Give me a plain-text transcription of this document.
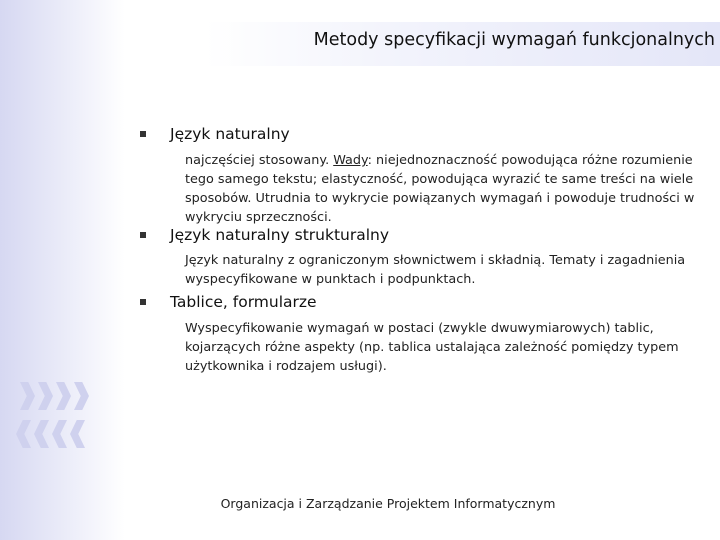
Metody specyfikacji wymagań funkcjonalnych
Język naturalny
najczęściej stosowany. Wady: niejednoznaczność powodująca różne rozumienie tego samego tekstu; elastyczność, powodująca wyrazić te same treści na wiele sposobów. Utrudnia to wykrycie powiązanych wymagań i powoduje trudności w wykryciu sprzeczności.
Język naturalny strukturalny
Język naturalny z ograniczonym słownictwem i składnią. Tematy i zagadnienia wyspecyfikowane w punktach i podpunktach.
Tablice, formularze
Wyspecyfikowanie wymagań w postaci (zwykle dwuwymiarowych) tablic, kojarzących różne aspekty (np. tablica ustalająca zależność pomiędzy typem użytkownika i rodzajem usługi).
Organizacja i Zarządzanie Projektem Informatycznym
